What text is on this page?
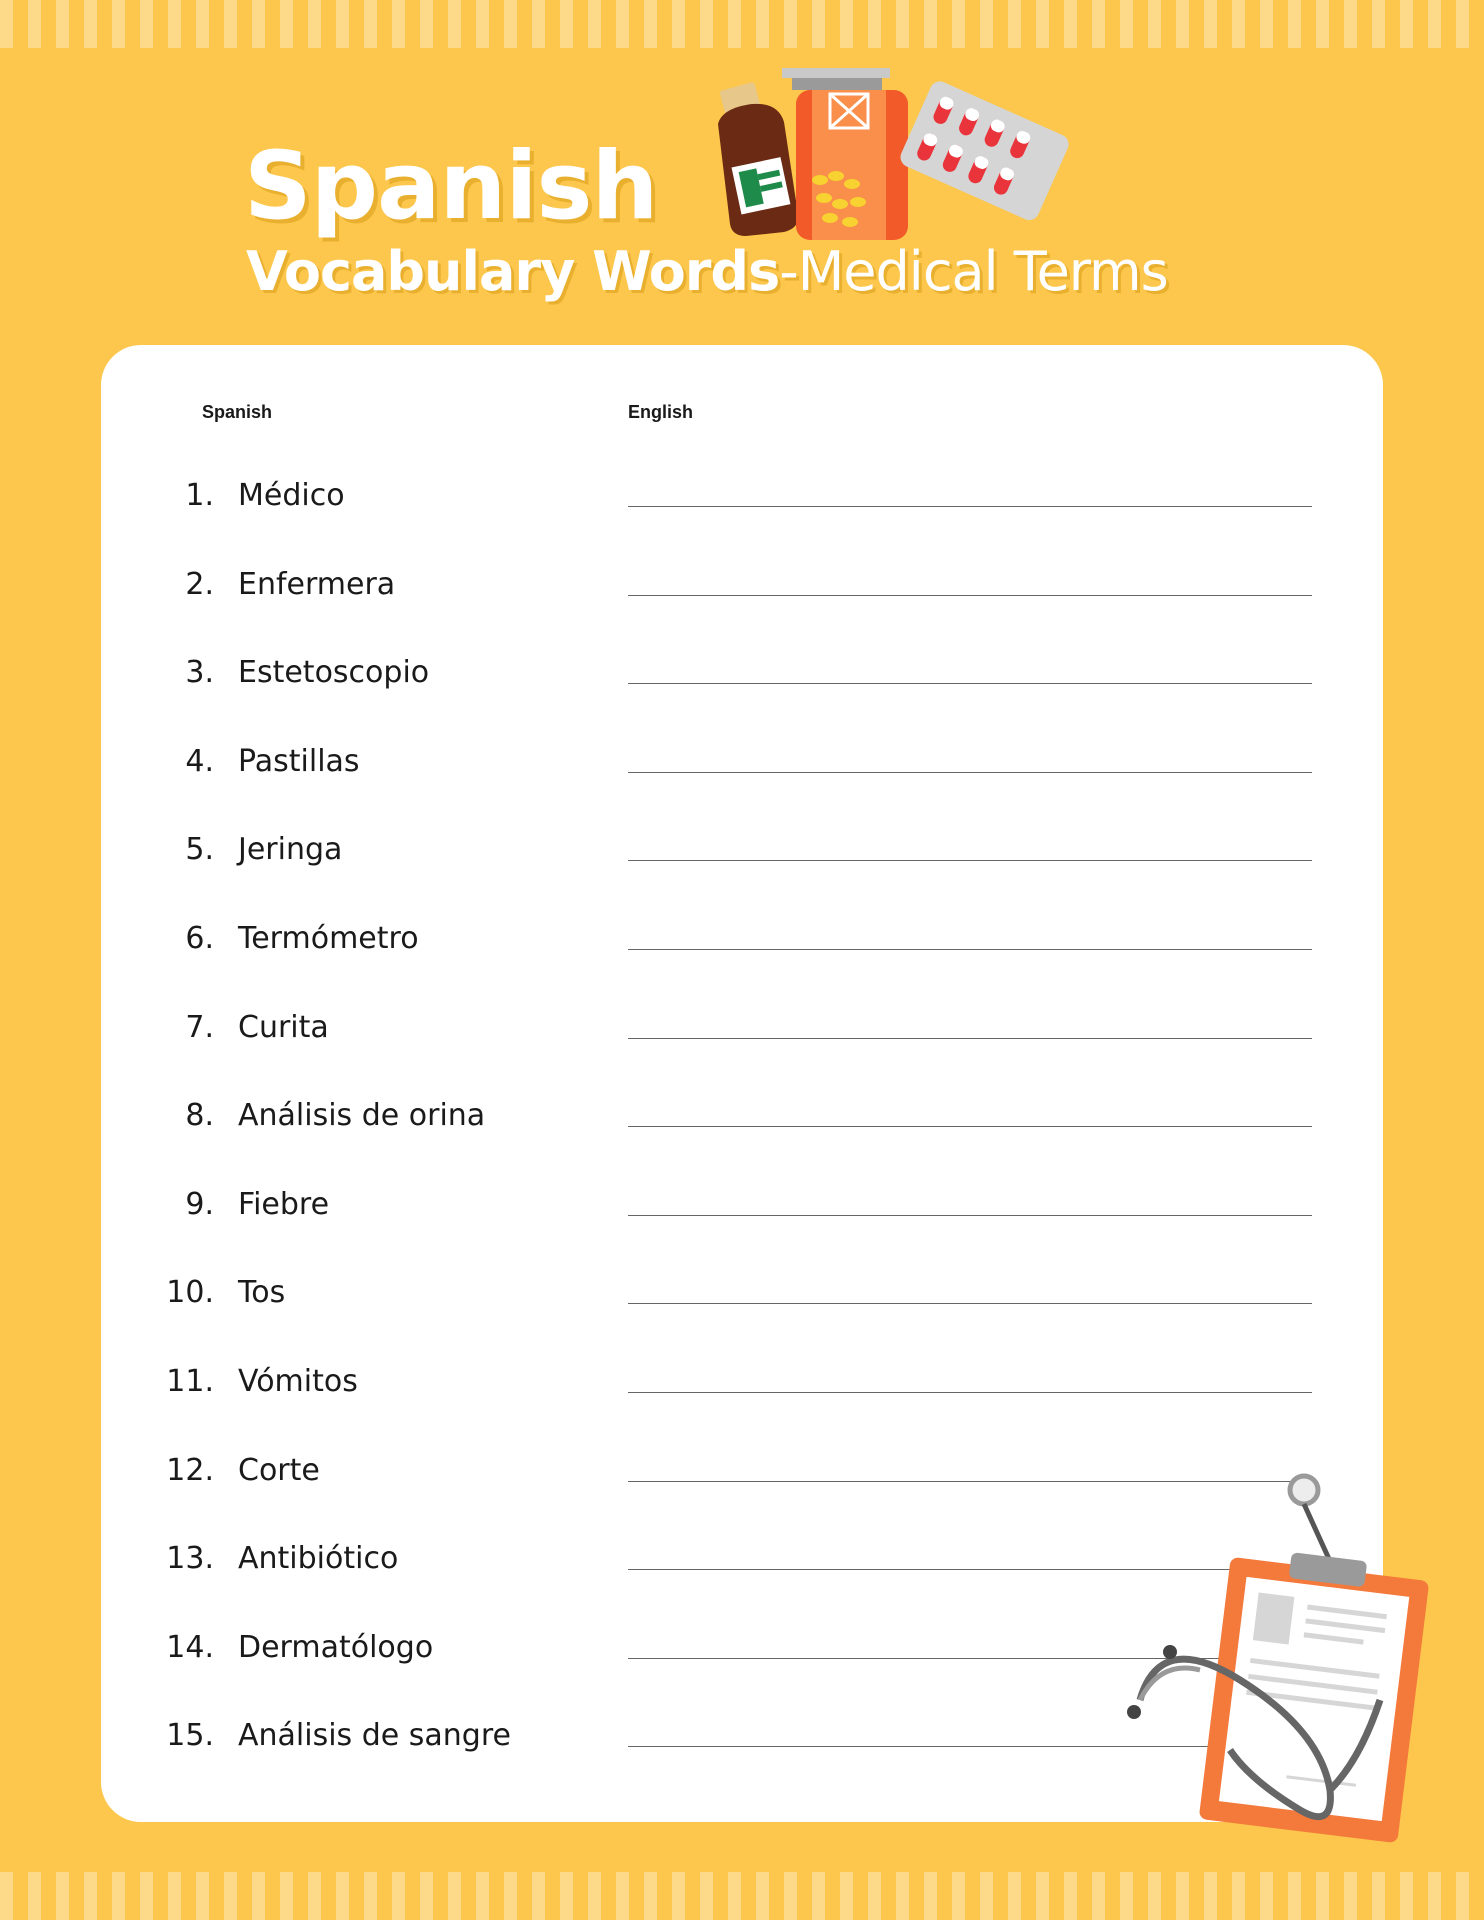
Spanish
Vocabulary Words-Medical Terms
Spanish	English
1. Médico
2. Enfermera
3. Estetoscopio
4. Pastillas
5. Jeringa
6. Termómetro
7. Curita
8. Análisis de orina
9. Fiebre
10. Tos
11. Vómitos
12. Corte
13. Antibiótico
14. Dermatólogo
15. Análisis de sangre
